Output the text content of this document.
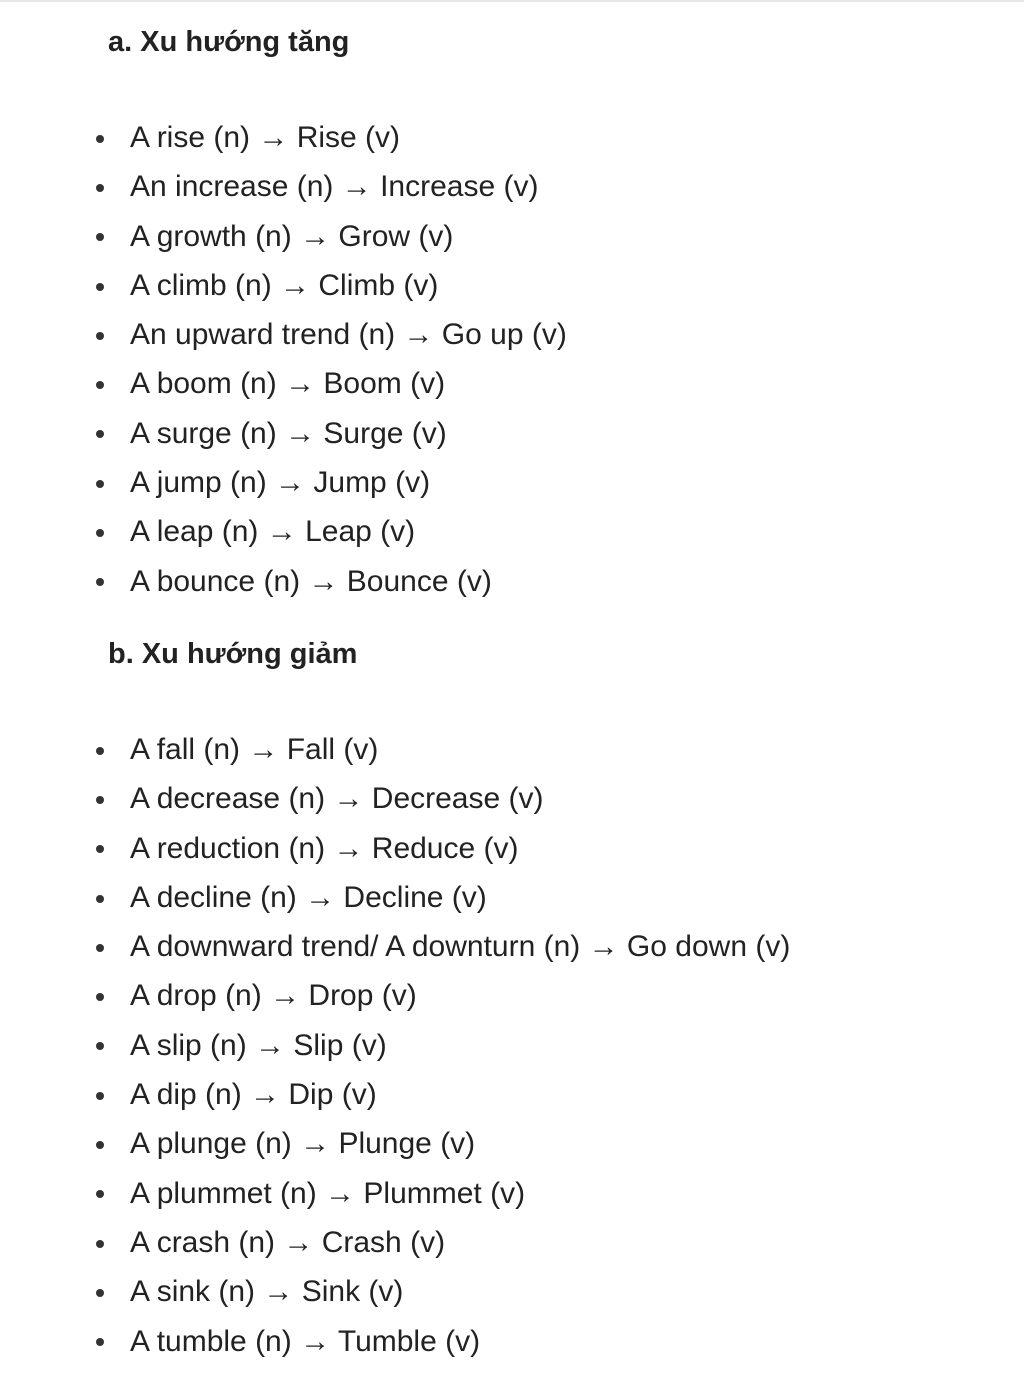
a. Xu hướng tăng
A rise (n) → Rise (v)
An increase (n) → Increase (v)
A growth (n) → Grow (v)
A climb (n) → Climb (v)
An upward trend (n) → Go up (v)
A boom (n) → Boom (v)
A surge (n) → Surge (v)
A jump (n) → Jump (v)
A leap (n) → Leap (v)
A bounce (n) → Bounce (v)
b. Xu hướng giảm
A fall (n) → Fall (v)
A decrease (n) → Decrease (v)
A reduction (n) → Reduce (v)
A decline (n) → Decline (v)
A downward trend/ A downturn (n) → Go down (v)
A drop (n) → Drop (v)
A slip (n) → Slip (v)
A dip (n) → Dip (v)
A plunge (n) → Plunge (v)
A plummet (n) → Plummet (v)
A crash (n) → Crash (v)
A sink (n) → Sink (v)
A tumble (n) → Tumble (v)
